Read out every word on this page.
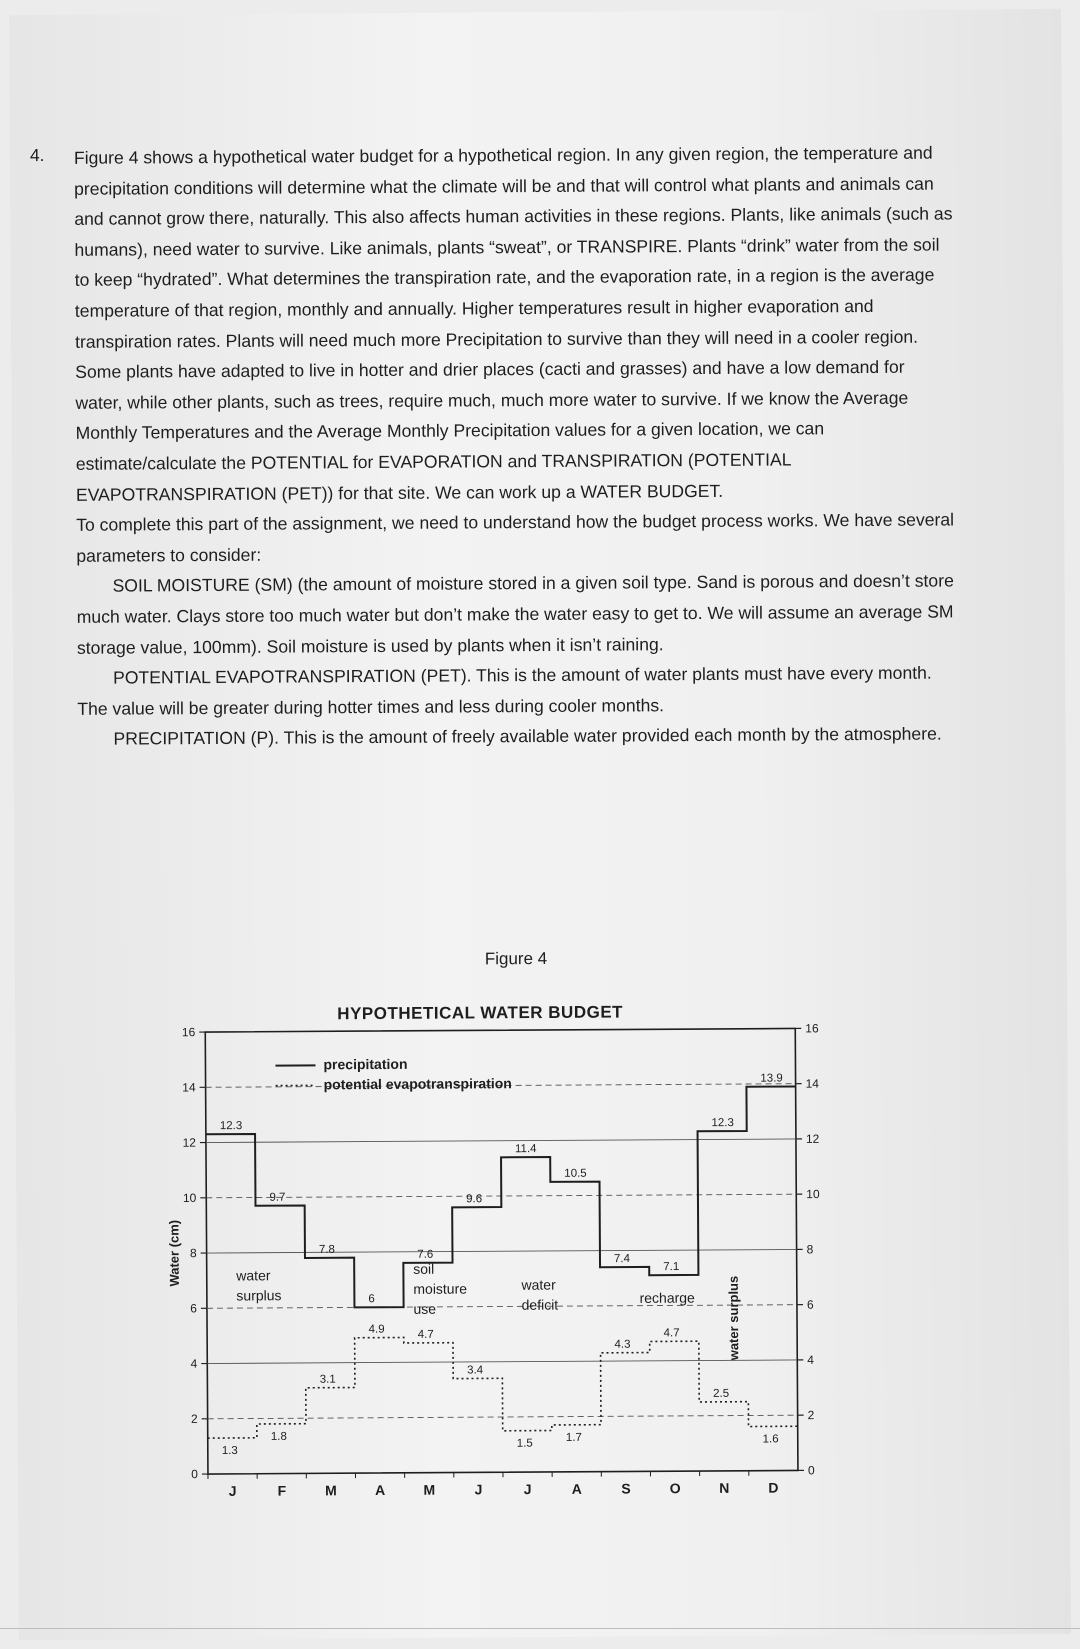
4. Figure 4 shows a hypothetical water budget for a hypothetical region. In any given region, the temperature and precipitation conditions will determine what the climate will be and that will control what plants and animals can and cannot grow there, naturally. This also affects human activities in these regions. Plants, like animals (such as humans), need water to survive. Like animals, plants “sweat”, or TRANSPIRE. Plants “drink” water from the soil to keep “hydrated”. What determines the transpiration rate, and the evaporation rate, in a region is the average temperature of that region, monthly and annually. Higher temperatures result in higher evaporation and transpiration rates. Plants will need much more Precipitation to survive than they will need in a cooler region. Some plants have adapted to live in hotter and drier places (cacti and grasses) and have a low demand for water, while other plants, such as trees, require much, much more water to survive. If we know the Average Monthly Temperatures and the Average Monthly Precipitation values for a given location, we can estimate/calculate the POTENTIAL for EVAPORATION and TRANSPIRATION (POTENTIAL EVAPOTRANSPIRATION (PET)) for that site. We can work up a WATER BUDGET.

To complete this part of the assignment, we need to understand how the budget process works. We have several parameters to consider:

SOIL MOISTURE (SM) (the amount of moisture stored in a given soil type. Sand is porous and doesn’t store much water. Clays store too much water but don’t make the water easy to get to. We will assume an average SM storage value, 100mm). Soil moisture is used by plants when it isn’t raining.

POTENTIAL EVAPOTRANSPIRATION (PET). This is the amount of water plants must have every month. The value will be greater during hotter times and less during cooler months.

PRECIPITATION (P). This is the amount of freely available water provided each month by the atmosphere.

Figure 4
0	0
2	2
4	4
6	6
8	8
10	10
12	12
14	14
16	16
J	F	M	A	M	J	J	A	S	O	N	D
Water (cm)
HYPOTHETICAL WATER BUDGET
12.3
9.7
7.8
6
7.6
9.6
11.4
10.5
7.4
7.1
12.3
13.9
1.3
1.8
3.1
4.9	4.7
3.4
1.5	1.7
4.3
4.7
2.5
1.6
precipitation
potential evapotranspiration
water
surplus
soil
moisture
use
water
deficit	recharge water surplus
